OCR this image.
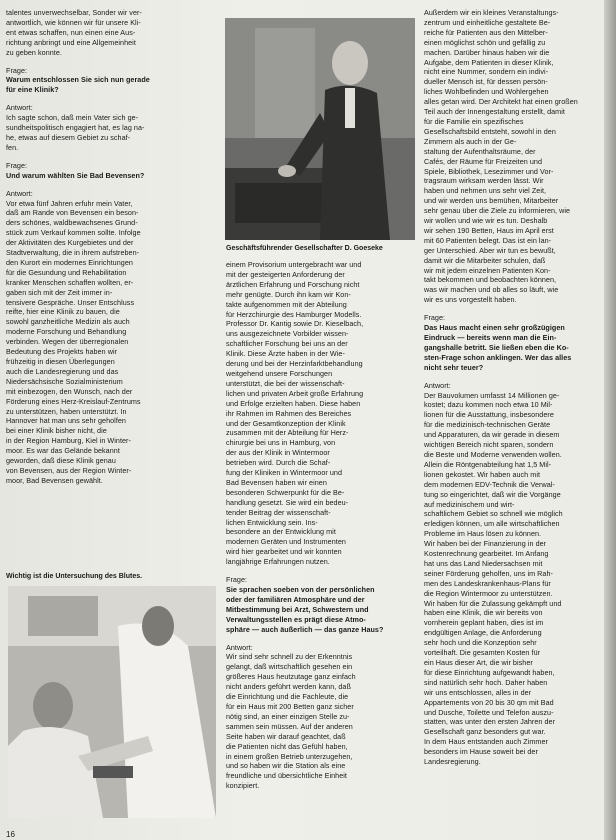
talentes unverwechselbar, Sonder wir ver-
antwortlich, wie können wir für unsere Kli-
ent etwas schaffen, nun einen eine Aus-
richtung anbringt und eine Allgemeinheit
zu geben konnte.

Frage:
Warum entschlossen Sie sich nun gerade
für eine Klinik?

Antwort:
Ich sagte schon, daß mein Vater sich ge-
sundheitspolitisch engagiert hat, es lag na-
he, etwas auf diesem Gebiet zu schaf-
fen.

Frage:
Und warum wählten Sie Bad Bevensen?

Antwort:
Vor etwa fünf Jahren erfuhr mein Vater,
daß am Rande von Bevensen ein beson-
ders schönes, waldbewachsenes Grund-
stück zum Verkauf kommen sollte. Infolge
der Aktivitäten des Kurgebietes und der
Stadtverwaltung, die in ihrem aufstreben-
den Kurort ein modernes Einrichtungen
für die Gesundung und Rehabilitation
kranker Menschen schaffen wollten, er-
gaben sich mit der Zeit immer in-
tensivere Gespräche. Unser Entschluss
reifte, hier eine Klinik zu bauen, die
sowohl ganzheitliche Medizin als auch
moderne Forschung und Behandlung
verbinden. Wegen der überregionalen
Bedeutung des Projekts haben wir
frühzeitig in diesen Überlegungen
auch die Landesregierung und das
Niedersächsische Sozialministerium
mit einbezogen, den Wunsch, nach der
Förderung eines Herz-Kreislauf-Zentrums
zu unterstützen, haben unterstützt. In
Hannover hat man uns sehr geholfen
bei einer Klinik bisher nicht, die
in der Region Hamburg, Kiel in Winter-
moor. Es war das Gelände bekannt
geworden, daß diese Klinik genau
von Bevensen, aus der Region Winter-
moor, Bad Bevensen gewählt.

Geschäftsführender Gesellschafter D. Goeseke
Wichtig ist die Untersuchung des Blutes.

einem Provisorium untergebracht war und
mit der gesteigerten Anforderung der
ärztlichen Erfahrung und Forschung nicht
mehr genügte. Durch ihn kam wir Kon-
takte aufgenommen mit der Abteilung
für Herzchirurgie des Hamburger Modells.
Professor Dr. Kantig sowie Dr. Kieselbach,
uns ausgezeichnete Vorbilder wissen-
schaftlicher Forschung bei uns an der
Klinik. Diese Ärzte haben in der Wie-
derung und bei der Herzinfarktbehandlung
weitgehend unsere Forschungen
unterstützt, die bei der wissenschaft-
lichen und privaten Arbeit große Erfahrung
und Erfolge erzielten haben. Diese haben
ihr Rahmen im Rahmen des Bereiches
und der Gesamtkonzeption der Klinik
zusammen mit der Abteilung für Herz-
chirurgie bei uns in Hamburg, von
der aus der Klinik in Wintermoor
betrieben wird. Durch die Schaf-
fung der Kliniken in Wintermoor und
Bad Bevensen haben wir einen
besonderen Schwerpunkt für die Be-
handlung gesetzt. Sie wird ein bedeu-
tender Beitrag der wissenschaft-
lichen Entwicklung sein. Ins-
besondere an der Entwicklung mit
modernen Geräten und Instrumenten
wird hier gearbeitet und wir konnten
langjährige Erfahrungen nutzen.

Frage:
Sie sprachen soeben von der persönlichen
oder der familiären Atmosphäre und der
Mitbestimmung bei Arzt, Schwestern und
Verwaltungsstellen es prägt diese Atmo-
sphäre — auch äußerlich — das ganze Haus?

Antwort:
Wir sind sehr schnell zu der Erkenntnis
gelangt, daß wirtschaftlich gesehen ein
größeres Haus heutzutage ganz einfach
nicht anders geführt werden kann, daß
die Einrichtung und die Fachleute, die
für ein Haus mit 200 Betten ganz sicher
nötig sind, an einer einzigen Stelle zu-
sammen sein müssen. Auf der anderen
Seite haben wir darauf geachtet, daß
die Patienten nicht das Gefühl haben,
in einem großen Betrieb unterzugehen,
und so haben wir die Station als eine
freundliche und übersichtliche Einheit
konzipiert.

Außerdem wir ein kleines Veranstaltungs-
zentrum und einheitliche gestaltete Be-
reiche für Patienten aus den Mittelber-
einen möglichst schön und gefällig zu
machen. Darüber hinaus haben wir die
Aufgabe, dem Patienten in dieser Klinik,
nicht eine Nummer, sondern ein indivi-
dueller Mensch ist, für dessen persön-
liches Wohlbefinden und Wohlergehen
alles getan wird. Der Architekt hat einen großen
Teil auch der Innengestaltung erstellt, damit
für die Familie ein spezifisches
Gesellschaftsbild entsteht, sowohl in den
Zimmern als auch in der Ge-
staltung der Aufenthaltsräume, der
Cafés, der Räume für Freizeiten und
Spiele, Bibliothek, Lesezimmer und Vor-
tragsraum wirksam werden lässt. Wir
haben und nehmen uns sehr viel Zeit,
und wir werden uns bemühen, Mitarbeiter
sehr genau über die Ziele zu informieren, wie
wir wollen und wie wir es tun. Deshalb
wir sehen 190 Betten, Haus im April erst
mit 60 Patienten belegt. Das ist ein lan-
ger Unterschied. Aber wir tun es bewußt,
damit wir die Mitarbeiter schulen, daß
wir mit jedem einzelnen Patienten Kon-
takt bekommen und beobachten können,
was wir machen und ob alles so läuft, wie
wir es uns vorgestellt haben.

Frage:
Das Haus macht einen sehr großzügigen
Eindruck — bereits wenn man die Ein-
gangshalle betritt. Sie ließen eben die Ko-
sten-Frage schon anklingen. Wer das alles
nicht sehr teuer?

Antwort:
Der Bauvolumen umfasst 14 Millionen ge-
kostet; dazu kommen noch etwa 10 Mil-
lionen für die Ausstattung, insbesondere
für die medizinisch-technischen Geräte
und Apparaturen, da wir gerade in diesem
wichtigen Bereich nicht sparen, sondern
die Beste und Moderne verwenden wollen.
Allein die Röntgenabteilung hat 1,5 Mil-
lionen gekostet. Wir haben auch mit
dem modernen EDV-Technik die Verwal-
tung so eingerichtet, daß wir die Vorgänge
auf medizinischem und wirt-
schaftlichem Gebiet so schnell wie möglich
erledigen können, um alle wirtschaftlichen
Probleme im Haus lösen zu können.
Wir haben bei der Finanzierung in der
Kostenrechnung gearbeitet. Im Anfang
hat uns das Land Niedersachsen mit
seiner Förderung geholfen, uns im Rah-
men des Landeskrankenhaus-Plans für
die Region Wintermoor zu unterstützen.
Wir haben für die Zulassung gekämpft und
haben eine Klinik, die wir bereits von
vornherein geplant haben, dies ist im
endgültigen Anlage, die Anforderung
sehr hoch und die Konzeption sehr
vorteilhaft. Die gesamten Kosten für
ein Haus dieser Art, die wir bisher
für diese Einrichtung aufgewandt haben,
sind natürlich sehr hoch. Daher haben
wir uns entschlossen, alles in der
Appartements von 20 bis 30 qm mit Bad
und Dusche, Toilette und Telefon auszu-
statten, was unter den ersten Jahren der
Gesellschaft ganz besonders gut war.
In dem Haus entstanden auch Zimmer
besonders im Hause soweit bei der
Landesregierung.

16
